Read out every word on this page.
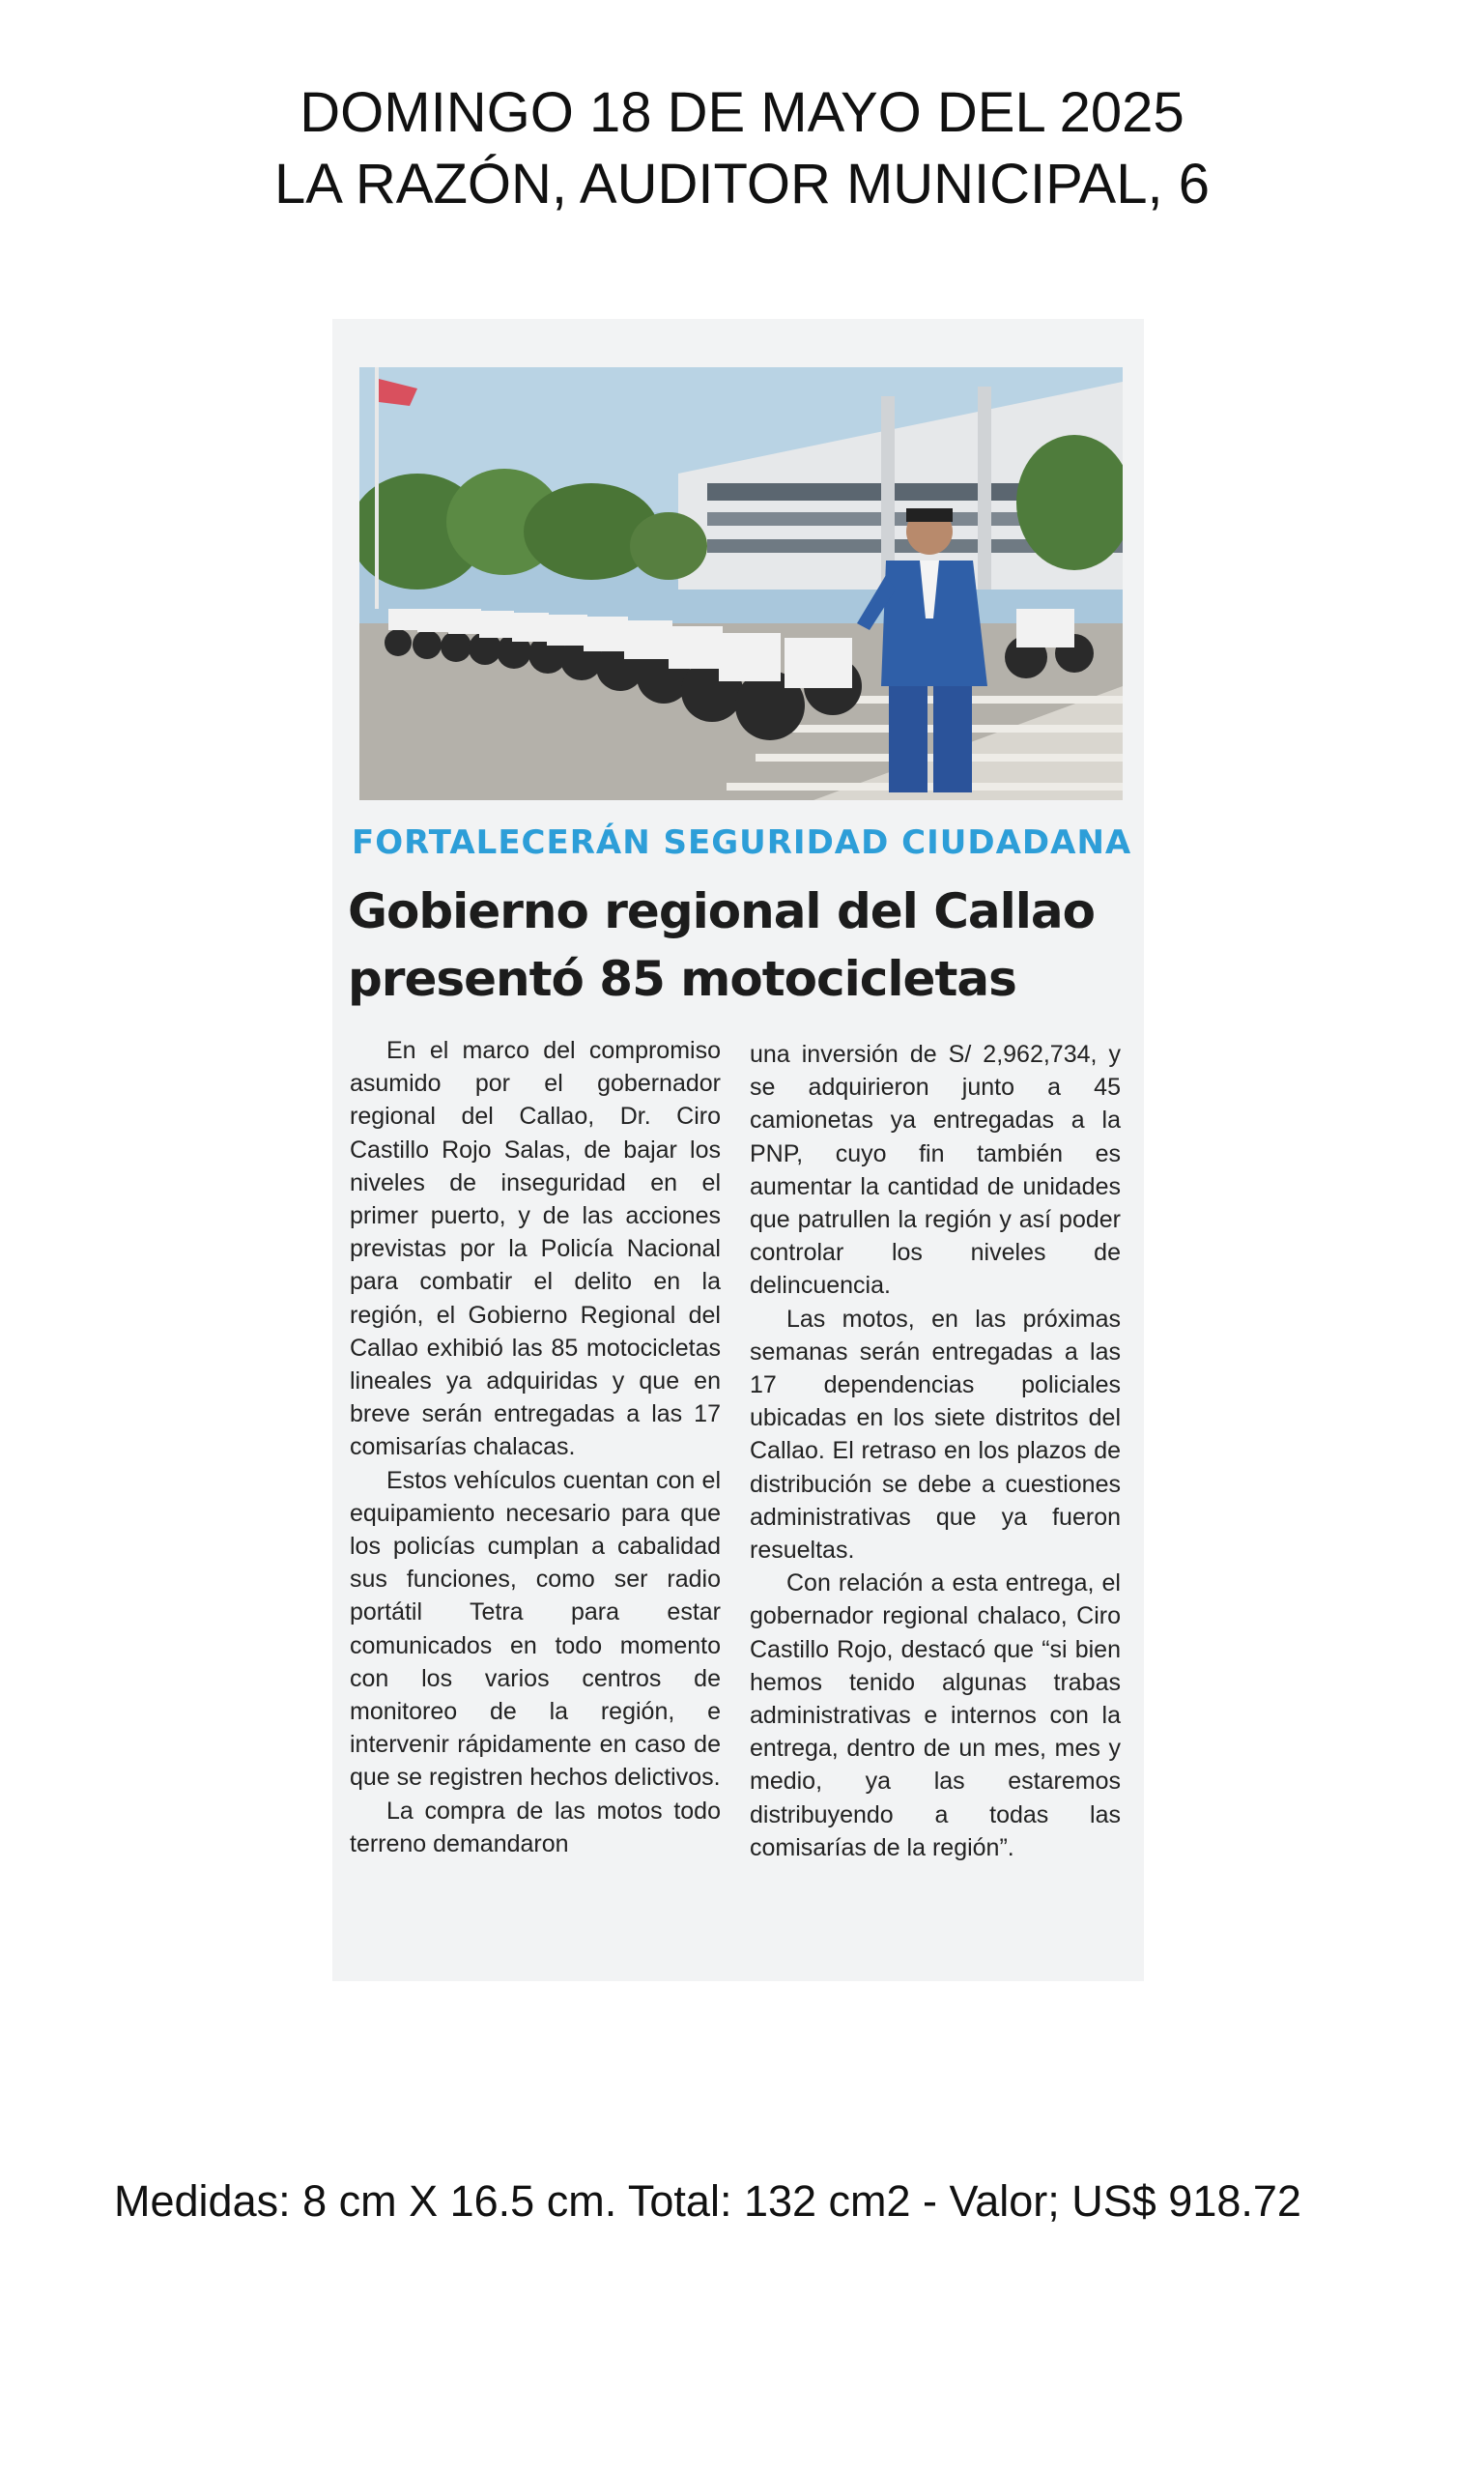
DOMINGO 18 DE MAYO DEL 2025
LA RAZÓN, AUDITOR MUNICIPAL, 6
FORTALECERÁN SEGURIDAD CIUDADANA
Gobierno regional del Callao
presentó 85 motocicletas

En el marco del compromiso asumido por el gobernador regional del Callao, Dr. Ciro Castillo Rojo Salas, de bajar los niveles de inseguridad en el primer puerto, y de las acciones previstas por la Policía Nacional para combatir el delito en la región, el Gobierno Regional del Callao exhibió las 85 motocicletas lineales ya adquiridas y que en breve serán entregadas a las 17 comisarías chalacas.

Estos vehículos cuentan con el equipamiento necesario para que los policías cumplan a cabalidad sus funciones, como ser radio portátil Tetra para estar comunicados en todo momento con los varios centros de monitoreo de la región, e intervenir rápidamente en caso de que se registren hechos delictivos.

La compra de las motos todo terreno demandaron

una inversión de S/ 2,962,734, y se adquirieron junto a 45 camionetas ya entregadas a la PNP, cuyo fin también es aumentar la cantidad de unidades que patrullen la región y así poder controlar los niveles de delincuencia.

Las motos, en las próximas semanas serán entregadas a las 17 dependencias policiales ubicadas en los siete distritos del Callao. El retraso en los plazos de distribución se debe a cuestiones administrativas que ya fueron resueltas.

Con relación a esta entrega, el gobernador regional chalaco, Ciro Castillo Rojo, destacó que “si bien hemos tenido algunas trabas administrativas e internos con la entrega, dentro de un mes, mes y medio, ya las estaremos distribuyendo a todas las comisarías de la región”.

Medidas: 8 cm X 16.5 cm. Total: 132 cm2 - Valor; US$ 918.72
